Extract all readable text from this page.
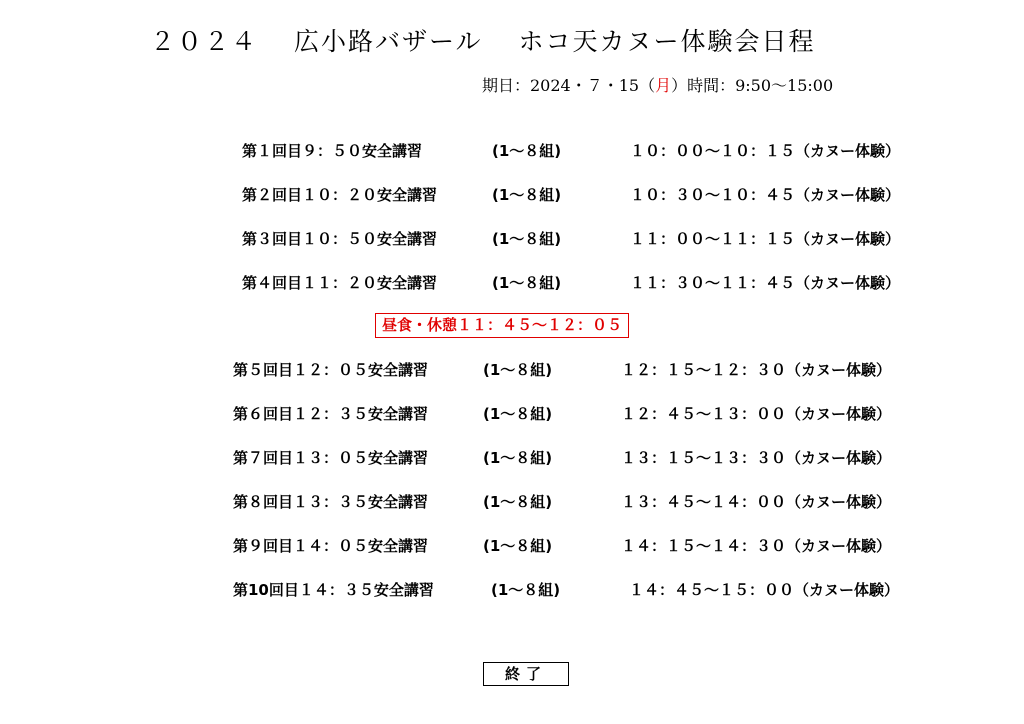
２０２４ 広小路バザール ホコ天カヌー体験会日程
期日：2024・７・15（月）時間：9:50～15:00
第１回目９：５０安全講習	(1～８組)	１０：００～１０：１５（カヌー体験）
第２回目１０：２０安全講習	(1～８組)	１０：３０～１０：４５（カヌー体験）
第３回目１０：５０安全講習	(1～８組)	１１：００～１１：１５（カヌー体験）
第４回目１１：２０安全講習	(1～８組)	１１：３０～１１：４５（カヌー体験）
昼食・休憩１１：４５～１２：０５
第５回目１２：０５安全講習	(1～８組)	１２：１５～１２：３０（カヌー体験）
第６回目１２：３５安全講習	(1～８組)	１２：４５～１３：００（カヌー体験）
第７回目１３：０５安全講習	(1～８組)	１３：１５～１３：３０（カヌー体験）
第８回目１３：３５安全講習	(1～８組)	１３：４５～１４：００（カヌー体験）
第９回目１４：０５安全講習	(1～８組)	１４：１５～１４：３０（カヌー体験）
第10回目１４：３５安全講習	(1～８組)	１４：４５～１５：００（カヌー体験）
終了
